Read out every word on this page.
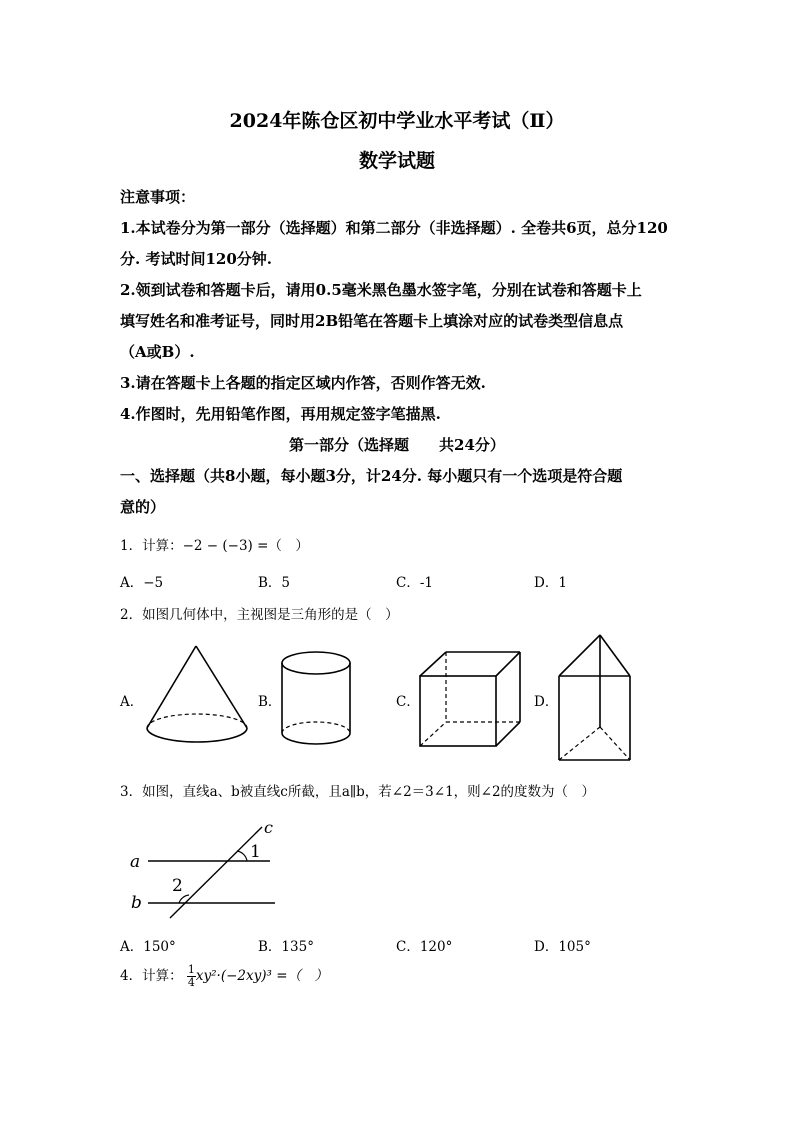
2024年陈仓区初中学业水平考试（Ⅱ）
数学试题
注意事项：
1.本试卷分为第一部分（选择题）和第二部分（非选择题）. 全卷共6页，总分120
分. 考试时间120分钟.
2.领到试卷和答题卡后，请用0.5毫米黑色墨水签字笔，分别在试卷和答题卡上
填写姓名和准考证号，同时用2B铅笔在答题卡上填涂对应的试卷类型信息点
（A或B）.
3.请在答题卡上各题的指定区域内作答，否则作答无效.
4.作图时，先用铅笔作图，再用规定签字笔描黑.
第一部分（选择题　　共24分）
一、选择题（共8小题，每小题3分，计24分. 每小题只有一个选项是符合题
意的）
1．计算：−2 − (−3) =（　）
A．−5	B．5	C．-1	D．1
2．如图几何体中，主视图是三角形的是（　）
A．	B．	C．	D．
3．如图，直线a、b被直线c所截，且a∥b，若∠2＝3∠1，则∠2的度数为（　）
a
b
c
1
2
A．150°	B．135°	C．120°	D．105°
4．计算： $\frac{1}{4} xy^2\cdot(-2xy)^3$ =（　）
